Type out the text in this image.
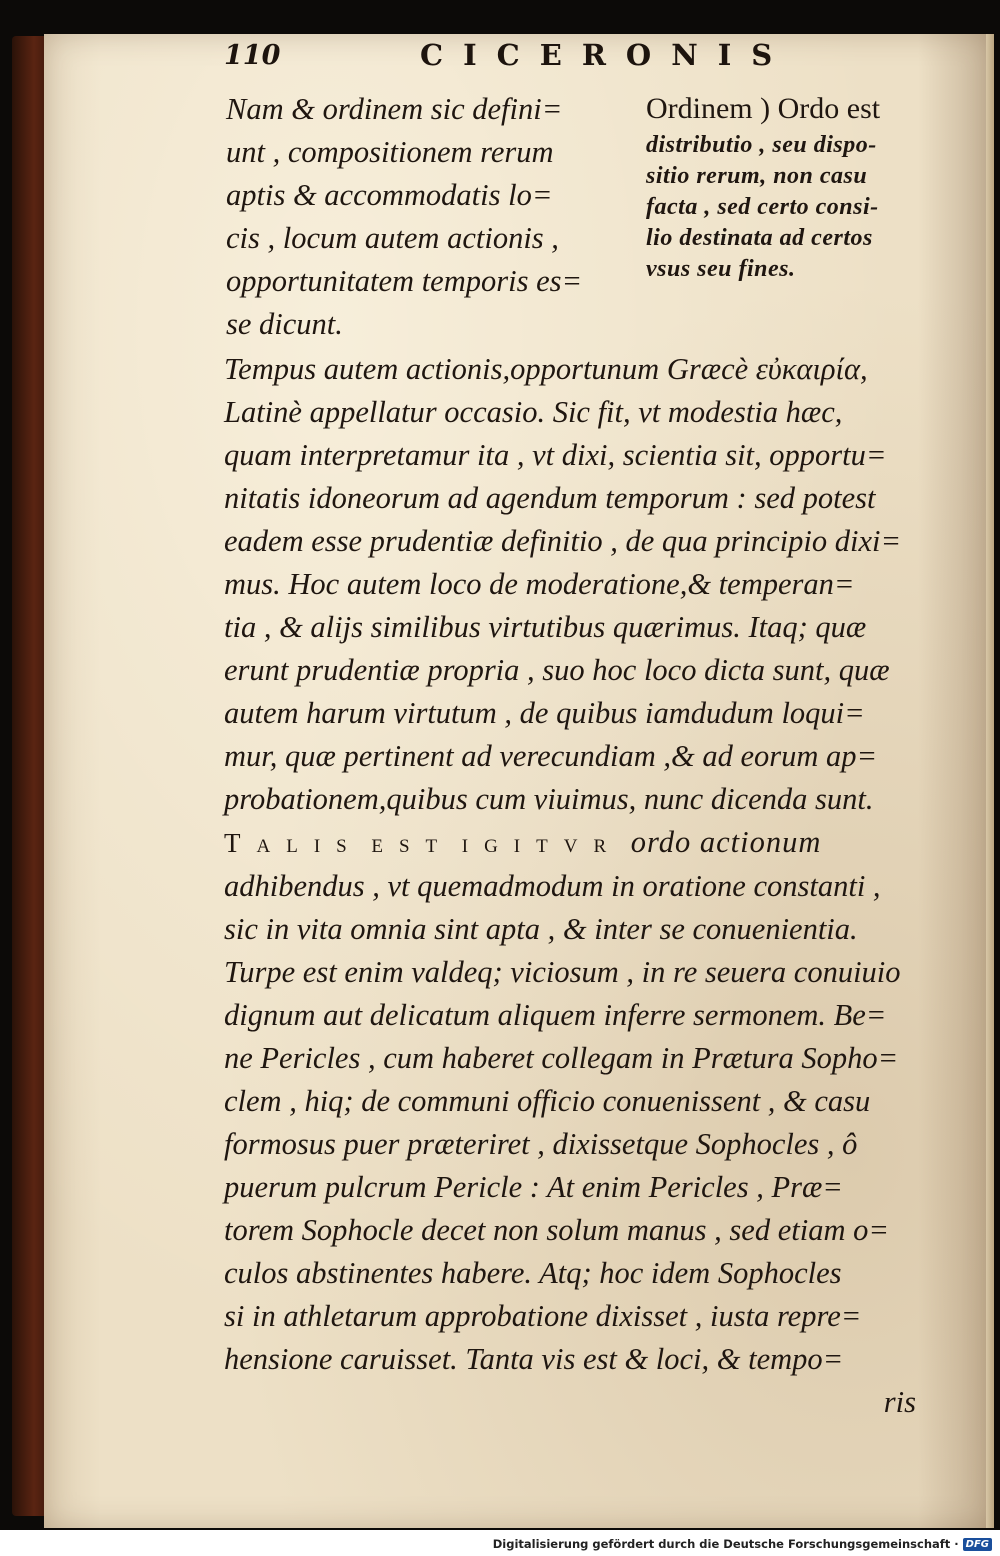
110	CICERONIS
Nam & ordinem sic defini=
unt , compositionem rerum
aptis & accommodatis lo=
cis , locum autem actionis ,
opportunitatem temporis es=
se dicunt.
Ordinem ) Ordo est
distributio , seu dispo-
sitio rerum, non casu
facta , sed certo consi-
lio destinata ad certos
vsus seu fines.
Tempus autem actionis,opportunum Græcè εὐκαιρία,
Latinè appellatur occasio. Sic fit, vt modestia hæc,
quam interpretamur ita , vt dixi, scientia sit, opportu=
nitatis idoneorum ad agendum temporum : sed potest
eadem esse prudentiæ definitio , de qua principio dixi=
mus. Hoc autem loco de moderatione,& temperan=
tia , & alijs similibus virtutibus quærimus. Itaq; quæ
erunt prudentiæ propria , suo hoc loco dicta sunt, quæ
autem harum virtutum , de quibus iamdudum loqui=
mur, quæ pertinent ad verecundiam ,& ad eorum ap=
probationem,quibus cum viuimus, nunc dicenda sunt.
Talis est igitvr ordo actionum
adhibendus , vt quemadmodum in oratione constanti ,
sic in vita omnia sint apta , & inter se conuenientia.
Turpe est enim valdeq; viciosum , in re seuera conuiuio
dignum aut delicatum aliquem inferre sermonem. Be=
ne Pericles , cum haberet collegam in Prætura Sopho=
clem , hiq; de communi officio conuenissent , & casu
formosus puer præteriret , dixissetque Sophocles , ô
puerum pulcrum Pericle : At enim Pericles , Præ=
torem Sophocle decet non solum manus , sed etiam o=
culos abstinentes habere. Atq; hoc idem Sophocles
si in athletarum approbatione dixisset , iusta repre=
hensione caruisset. Tanta vis est & loci, & tempo=
ris
Digitalisierung gefördert durch die Deutsche Forschungsgemeinschaft · DFG
